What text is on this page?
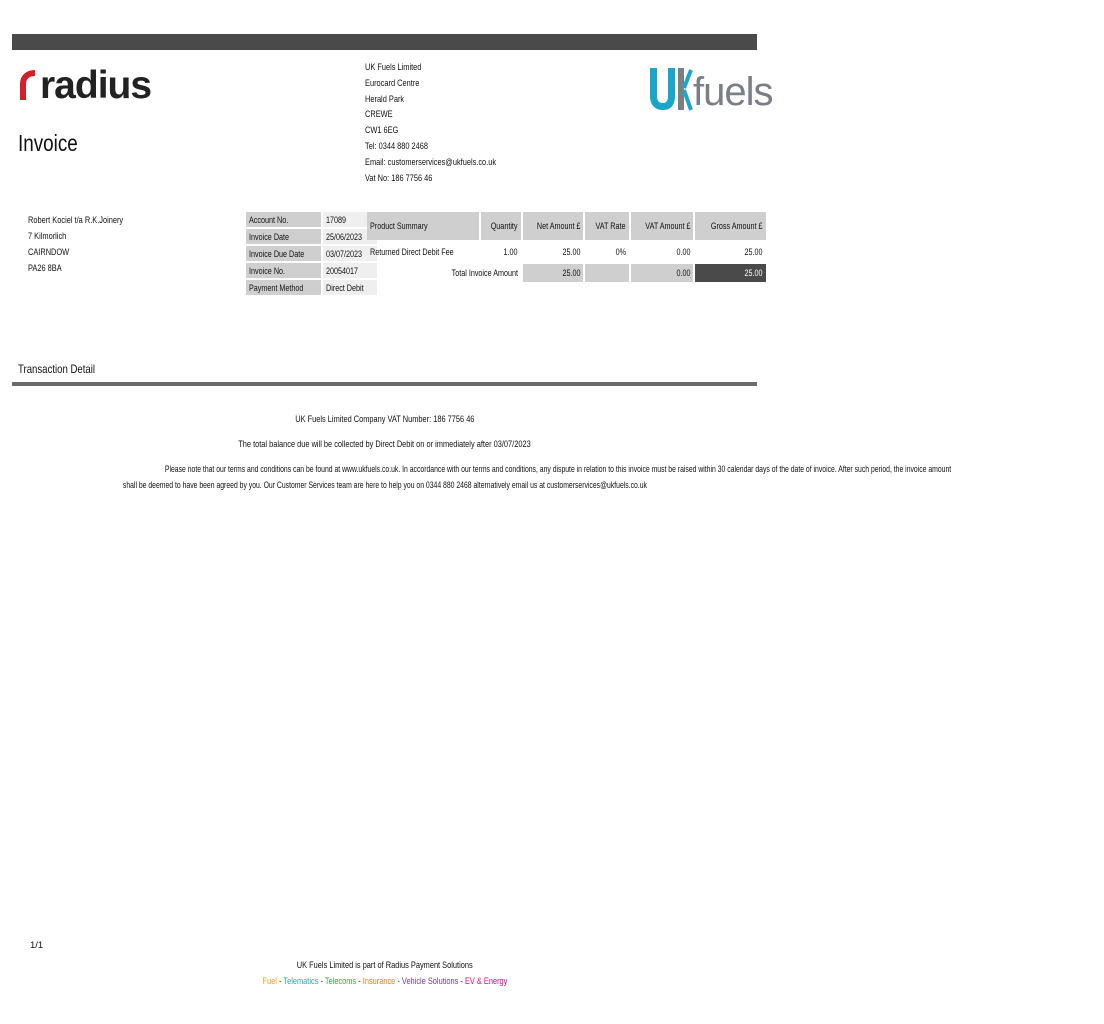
radius
Invoice
UK Fuels Limited
Eurocard Centre
Herald Park
CREWE
CW1 6EG
Tel: 0344 880 2468
Email: customerservices@ukfuels.co.uk
Vat No: 186 7756 46
fuels
Robert Kociel t/a R.K.Joinery
7 Kilmorlich
CAIRNDOW
PA26 8BA
Account No.	17089
Invoice Date	25/06/2023
Invoice Due Date	03/07/2023
Invoice No.	20054017
Payment Method	Direct Debit
Product Summary	Quantity	Net Amount £	VAT Rate	VAT Amount £	Gross Amount £
Returned Direct Debit Fee	1.00	25.00	0%	0.00	25.00
Total Invoice Amount		25.00		0.00	25.00
Transaction Detail
UK Fuels Limited Company VAT Number: 186 7756 46
The total balance due will be collected by Direct Debit on or immediately after 03/07/2023
Please note that our terms and conditions can be found at www.ukfuels.co.uk. In accordance with our terms and conditions, any dispute in relation to this invoice must be raised within 30 calendar days of the date of invoice. After such period, the invoice amount
shall be deemed to have been agreed by you. Our Customer Services team are here to help you on 0344 880 2468 alternatively email us at customerservices@ukfuels.co.uk
1/1
UK Fuels Limited is part of Radius Payment Solutions
Fuel - Telematics - Telecoms - Insurance - Vehicle Solutions - EV & Energy
